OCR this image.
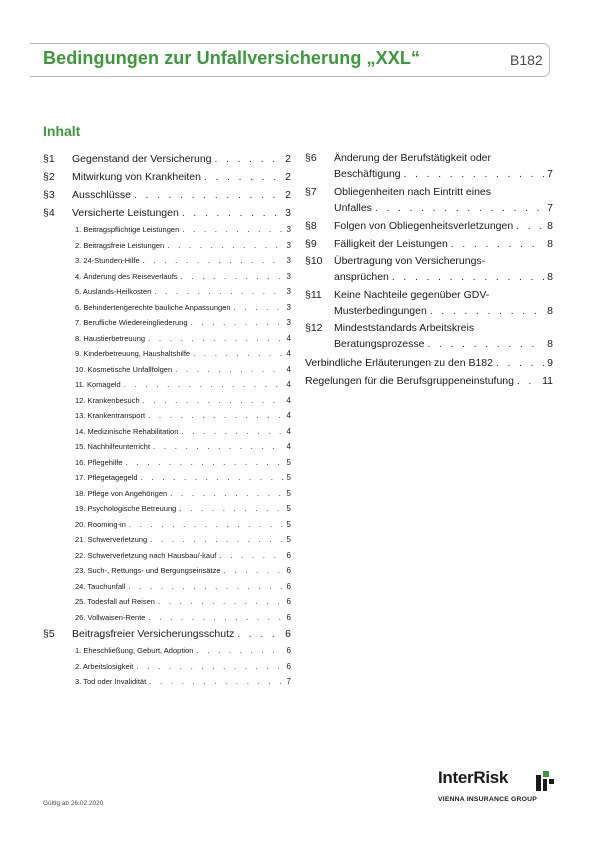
Bedingungen zur Unfallversicherung „XXL“	B182
Inhalt
§1	Gegenstand der Versicherung . . .	2
§2	Mitwirkung von Krankheiten . . .	2
§3	Ausschlüsse . . .	2
§4	Versicherte Leistungen . . .	3
1. Beitragspflichtige Leistungen . . .	3
2. Beitragsfreie Leistungen . . .	3
3. 24-Stunden-Hilfe . . .	3
4. Änderung des Reiseverlaufs . . .	3
5. Auslands-Heilkosten . . .	3
6. Behindertengerechte bauliche Anpassungen . . .	3
7. Berufliche Wiedereingliederung . . .	3
8. Haustierbetreuung . . .	4
9. Kinderbetreuung, Haushaltshilfe . . .	4
10. Kosmetische Unfallfolgen . . .	4
11. Komageld . . .	4
12. Krankenbesuch . . .	4
13. Krankentransport . . .	4
14. Medizinische Rehabilitation . . .	4
15. Nachhilfeunterricht . . .	4
16. Pflegehilfe . . .	5
17. Pflegetagegeld . . .	5
18. Pflege von Angehörigen . . .	5
19. Psychologische Betreuung . . .	5
20. Rooming-in . . .	5
21. Schwerverletzung . . .	5
22. Schwerverletzung nach Hausbau/-kauf . . .	6
23. Such-, Rettungs- und Bergungseinsätze . . .	6
24. Tauchunfall . . .	6
25. Todesfall auf Reisen . . .	6
26. Vollwaisen-Rente . . .	6
§5	Beitragsfreier Versicherungsschutz . . .	6
1. Eheschließung, Geburt, Adoption . . .	6
2. Arbeitslosigkeit . . .	6
3. Tod oder Invalidität . . .	7
§6	Änderung der Berufstätigkeit oder
Beschäftigung . . .	7
§7	Obliegenheiten nach Eintritt eines
Unfalles . . .	7
§8	Folgen von Obliegenheitsverletzungen . . .	8
§9	Fälligkeit der Leistungen . . .	8
§10	Übertragung von Versicherungs-
ansprüchen . . .	8
§11	Keine Nachteile gegenüber GDV-
Musterbedingungen . . .	8
§12	Mindeststandards Arbeitskreis
Beratungsprozesse . . .	8
Verbindliche Erläuterungen zu den B182 . . .	9
Regelungen für die Berufsgruppeneinstufung . . .	11
Gültig ab 26.02.2020
InterRisk
VIENNA INSURANCE GROUP
